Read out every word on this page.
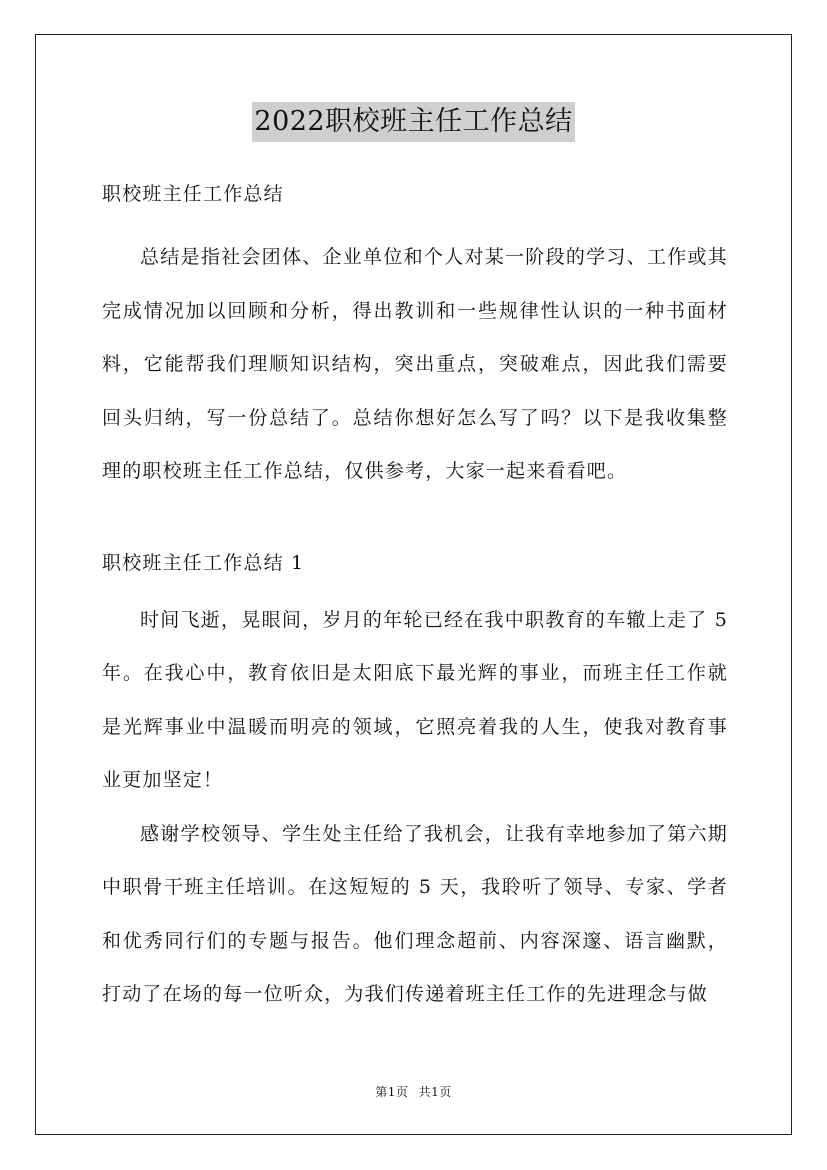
2022职校班主任工作总结

职校班主任工作总结

总结是指社会团体、企业单位和个人对某一阶段的学习、工作或其完成情况加以回顾和分析，得出教训和一些规律性认识的一种书面材料，它能帮我们理顺知识结构，突出重点，突破难点，因此我们需要回头归纳，写一份总结了。总结你想好怎么写了吗？以下是我收集整理的职校班主任工作总结，仅供参考，大家一起来看看吧。

职校班主任工作总结 1

时间飞逝，晃眼间，岁月的年轮已经在我中职教育的车辙上走了 5年。在我心中，教育依旧是太阳底下最光辉的事业，而班主任工作就是光辉事业中温暖而明亮的领域，它照亮着我的人生，使我对教育事业更加坚定！

感谢学校领导、学生处主任给了我机会，让我有幸地参加了第六期中职骨干班主任培训。在这短短的 5 天，我聆听了领导、专家、学者和优秀同行们的专题与报告。他们理念超前、内容深邃、语言幽默，打动了在场的每一位听众，为我们传递着班主任工作的先进理念与做

第1页 共1页
